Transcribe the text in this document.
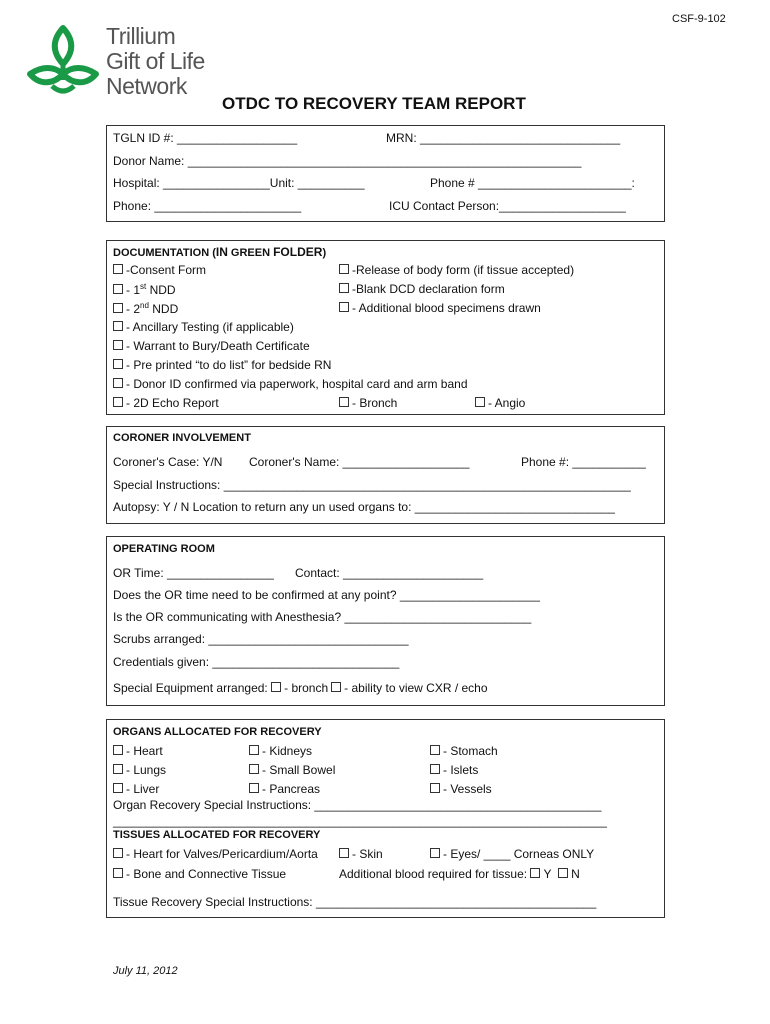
CSF-9-102
Trillium
Gift of Life
Network
OTDC TO RECOVERY TEAM REPORT
TGLN ID #: __________________	MRN: ______________________________
Donor Name: ___________________________________________________________
Hospital: ________________Unit: __________	Phone # _______________________:
Phone: ______________________	ICU Contact Person:___________________
DOCUMENTATION (IN GREEN FOLDER)
-Consent Form	-Release of body form (if tissue accepted)
- 1st NDD	-Blank DCD declaration form
- 2nd NDD	- Additional blood specimens drawn
- Ancillary Testing (if applicable)
- Warrant to Bury/Death Certificate
- Pre printed “to do list” for bedside RN
- Donor ID confirmed via paperwork, hospital card and arm band
- 2D Echo Report	- Bronch	- Angio
CORONER INVOLVEMENT
Coroner's Case: Y/N Coroner's Name: ___________________	Phone #: ___________
Special Instructions: _____________________________________________________________
Autopsy: Y / N Location to return any un used organs to: ______________________________
OPERATING ROOM
OR Time: ________________ Contact: _____________________
Does the OR time need to be confirmed at any point? _____________________
Is the OR communicating with Anesthesia? ____________________________
Scrubs arranged: ______________________________
Credentials given: ____________________________
Special Equipment arranged: - bronch - ability to view CXR / echo
ORGANS ALLOCATED FOR RECOVERY
- Heart	- Kidneys	- Stomach
- Lungs	- Small Bowel	- Islets
- Liver	- Pancreas	- Vessels
Organ Recovery Special Instructions: ___________________________________________
__________________________________________________________________________
TISSUES ALLOCATED FOR RECOVERY
- Heart for Valves/Pericardium/Aorta	- Skin	- Eyes/ ____ Corneas ONLY
- Bone and Connective Tissue	Additional blood required for tissue: Y N
Tissue Recovery Special Instructions: __________________________________________
July 11, 2012
